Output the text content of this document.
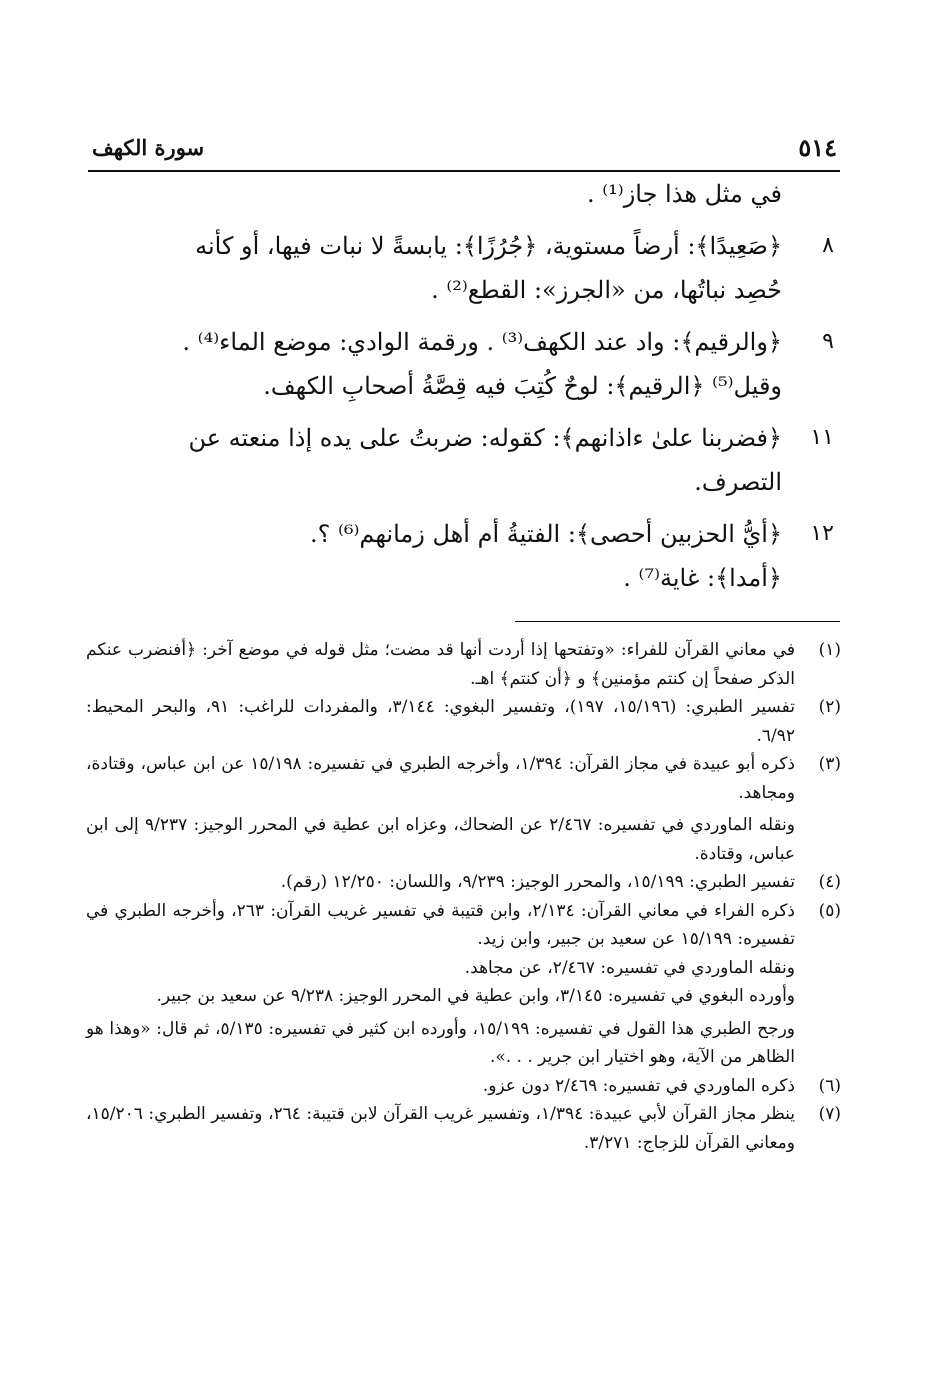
٥١٤
سورة الكهف
في مثل هذا جاز⁽¹⁾ .
٨
﴿صَعِيدًا﴾: أرضاً مستوية، ﴿جُرُزًا﴾: يابسةً لا نبات فيها، أو كأنه
حُصِد نباتُها، من «الجرز»: القطع⁽²⁾ .
٩
﴿والرقيم﴾: واد عند الكهف⁽³⁾ . ورقمة الوادي: موضع الماء⁽⁴⁾ .
وقيل⁽⁵⁾ ﴿الرقيم﴾: لوحٌ كُتِبَ فيه قِصَّةُ أصحابِ الكهف.
١١
﴿فضربنا علىٰ ءاذانهم﴾: كقوله: ضربتُ على يده إذا منعته عن
التصرف.
١٢
﴿أيُّ الحزبين أحصى﴾: الفتيةُ أم أهل زمانهم⁽⁶⁾ ؟.
﴿أمدا﴾: غاية⁽⁷⁾ .
(١)

في معاني القرآن للفراء: «وتفتحها إذا أردت أنها قد مضت؛ مثل قوله في موضع آخر: ﴿أفنضرب عنكم الذكر صفحاً إن كنتم مؤمنين﴾ و ﴿أن كنتم﴾ اهـ.

(٢)

تفسير الطبري: (١٥/١٩٦، ١٩٧)، وتفسير البغوي: ٣/١٤٤، والمفردات للراغب: ٩١، والبحر المحيط: ٦/٩٢.

(٣)

ذكره أبو عبيدة في مجاز القرآن: ١/٣٩٤، وأخرجه الطبري في تفسيره: ١٥/١٩٨ عن ابن عباس، وقتادة، ومجاهد.

ونقله الماوردي في تفسيره: ٢/٤٦٧ عن الضحاك، وعزاه ابن عطية في المحرر الوجيز: ٩/٢٣٧ إلى ابن عباس، وقتادة.

(٤)

تفسير الطبري: ١٥/١٩٩، والمحرر الوجيز: ٩/٢٣٩، واللسان: ١٢/٢٥٠ (رقم).

(٥)

ذكره الفراء في معاني القرآن: ٢/١٣٤، وابن قتيبة في تفسير غريب القرآن: ٢٦٣، وأخرجه الطبري في تفسيره: ١٥/١٩٩ عن سعيد بن جبير، وابن زيد.

ونقله الماوردي في تفسيره: ٢/٤٦٧، عن مجاهد.

وأورده البغوي في تفسيره: ٣/١٤٥، وابن عطية في المحرر الوجيز: ٩/٢٣٨ عن سعيد بن جبير.

ورجح الطبري هذا القول في تفسيره: ١٥/١٩٩، وأورده ابن كثير في تفسيره: ٥/١٣٥، ثم قال: «وهذا هو الظاهر من الآية، وهو اختيار ابن جرير . . .».

(٦)

ذكره الماوردي في تفسيره: ٢/٤٦٩ دون عزو.

(٧)

ينظر مجاز القرآن لأبي عبيدة: ١/٣٩٤، وتفسير غريب القرآن لابن قتيبة: ٢٦٤، وتفسير الطبري: ١٥/٢٠٦، ومعاني القرآن للزجاج: ٣/٢٧١.
